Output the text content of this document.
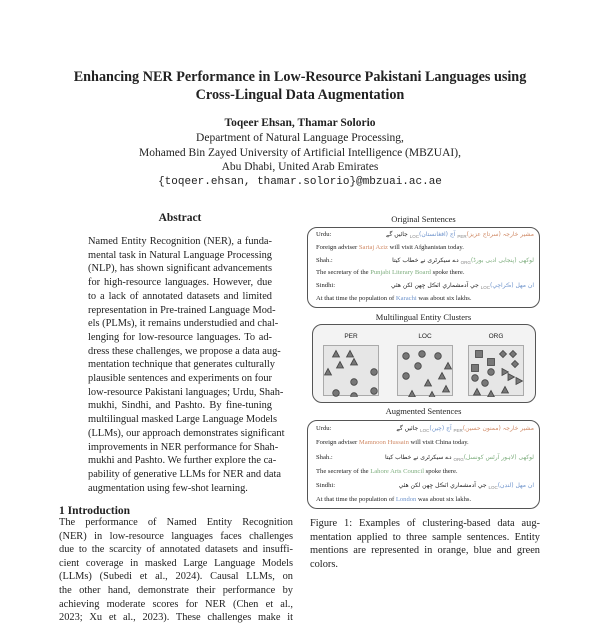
Enhancing NER Performance in Low-Resource Pakistani Languages using
Cross-Lingual Data Augmentation
Toqeer Ehsan, Thamar Solorio
Department of Natural Language Processing,
Mohamed Bin Zayed University of Artificial Intelligence (MBZUAI),
Abu Dhabi, United Arab Emirates
{toqeer.ehsan, thamar.solorio}@mbzuai.ac.ae
Abstract
1 Introduction
Original Sentences
Multilingual Entity Clusters
Augmented Sentences
Named Entity Recognition (NER), a funda-
mental task in Natural Language Processing
(NLP), has shown significant advancements
for high-resource languages. However, due
to a lack of annotated datasets and limited
representation in Pre-trained Language Mod-
els (PLMs), it remains understudied and chal-
lenging for low-resource languages. To ad-
dress these challenges, we propose a data aug-
mentation technique that generates culturally
plausible sentences and experiments on four
low-resource Pakistani languages; Urdu, Shah-
mukhi, Sindhi, and Pashto. By fine-tuning
multilingual masked Large Language Models
(LLMs), our approach demonstrates significant
improvements in NER performance for Shah-
mukhi and Pashto. We further explore the ca-
pability of generative LLMs for NER and data
augmentation using few-shot learning.
The performance of Named Entity Recognition
(NER) in low-resource languages faces challenges
due to the scarcity of annotated datasets and insuffi-
cient coverage in masked Large Language Models
(LLMs) (Subedi et al., 2024). Causal LLMs, on
the other hand, demonstrate their performance by
achieving moderate scores for NER (Chen et al.,
2023; Xu et al., 2023). These challenges make it
Figure 1: Examples of clustering-based data aug-
mentation applied to three sample sentences. Entity
mentions are represented in orange, blue and green
colors.
Urdu:	مشیر خارجہ (سرتاج $عزیز)_{PER}$ آج $(افغانستان)_{LOC}$ جائیں گے
Foreign adviser Sartaj Aziz will visit Afghanistan today.
Shah.:	لوکھی (پنجابی ادبی $بورڈ)_{ORG}$ دے سیکرٹری نے خطاب کیتا
The secretary of the Punjabi Literary Board spoke there.
Sindhi:	ان مهل $(ڪراچي)_{LOC}$ جي آدمشماري اٽڪل ڇهن لکن هئي
At that time the population of Karachi was about six lakhs.
Urdu:	مشیر خارجہ (ممنون $حسین)_{PER}$ آج $(چین)_{LOC}$ جائیں گے
Foreign adviser Mamnoon Hussain will visit China today.
Shah.:	لوکھی (لاہور آرٹس $کونسل)_{ORG}$ دے سیکرٹری نے خطاب کیتا
The secretary of the Lahore Arts Council spoke there.
Sindhi:	ان مهل $(لنڊن)_{LOC}$ جي آدمشماري اٽڪل ڇهن لکن هئي
At that time the population of London was about six lakhs.
PER	LOC	ORG
